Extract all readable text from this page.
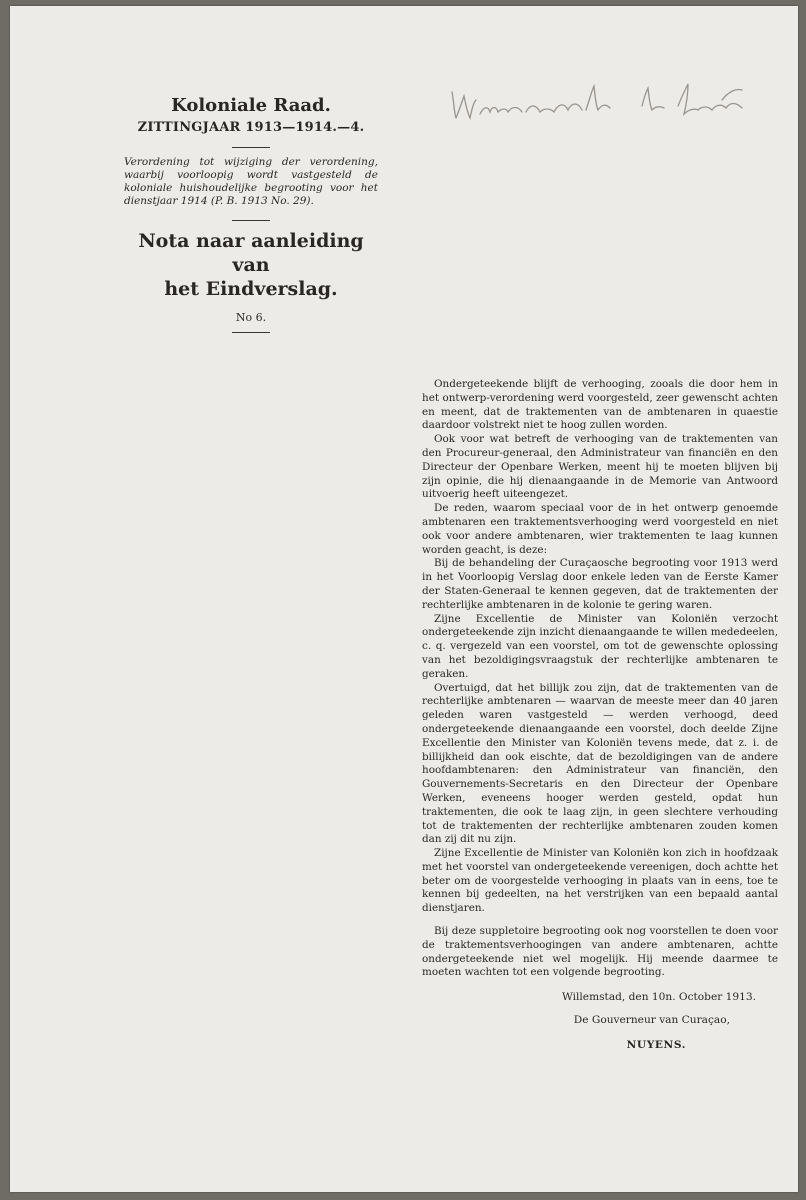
Koloniale Raad.

ZITTINGJAAR 1913—1914.—4.

Verordening tot wijziging der verordening, waarbij voorloopig wordt vastgesteld de koloniale huishoudelijke begrooting voor het dienstjaar 1914 (P. B. 1913 No. 29).

Nota naar aanleiding van

het Eindverslag.

No 6.

Ondergeteekende blijft de verhooging, zooals die door hem in het ontwerp-verordening werd voorgesteld, zeer gewenscht achten en meent, dat de traktementen van de ambtenaren in quaestie daardoor volstrekt niet te hoog zullen worden.

Ook voor wat betreft de verhooging van de traktementen van den Procureur-generaal, den Administrateur van financiën en den Directeur der Openbare Werken, meent hij te moeten blijven bij zijn opinie, die hij dienaangaande in de Memorie van Antwoord uitvoerig heeft uiteengezet.

De reden, waarom speciaal voor de in het ontwerp genoemde ambtenaren een traktementsverhooging werd voorgesteld en niet ook voor andere ambtenaren, wier traktementen te laag kunnen worden geacht, is deze:

Bij de behandeling der Curaçaosche begrooting voor 1913 werd in het Voorloopig Verslag door enkele leden van de Eerste Kamer der Staten-Generaal te kennen gegeven, dat de traktementen der rechterlijke ambtenaren in de kolonie te gering waren.

Zijne Excellentie de Minister van Koloniën verzocht ondergeteekende zijn inzicht dienaangaande te willen mededeelen, c. q. vergezeld van een voorstel, om tot de gewenschte oplossing van het bezoldigingsvraagstuk der rechterlijke ambtenaren te geraken.

Overtuigd, dat het billijk zou zijn, dat de traktementen van de rechterlijke ambtenaren — waarvan de meeste meer dan 40 jaren geleden waren vastgesteld — werden verhoogd, deed ondergeteekende dienaangaande een voorstel, doch deelde Zijne Excellentie den Minister van Koloniën tevens mede, dat z. i. de billijkheid dan ook eischte, dat de bezoldigingen van de andere hoofdambtenaren: den Administrateur van financiën, den Gouvernements-Secretaris en den Directeur der Openbare Werken, eveneens hooger werden gesteld, opdat hun traktementen, die ook te laag zijn, in geen slechtere verhouding tot de traktementen der rechterlijke ambtenaren zouden komen dan zij dit nu zijn.

Zijne Excellentie de Minister van Koloniën kon zich in hoofdzaak met het voorstel van ondergeteekende vereenigen, doch achtte het beter om de voorgestelde verhooging in plaats van in eens, toe te kennen bij gedeelten, na het verstrijken van een bepaald aantal dienstjaren.

Bij deze suppletoire begrooting ook nog voorstellen te doen voor de traktementsverhoogingen van andere ambtenaren, achtte ondergeteekende niet wel mogelijk. Hij meende daarmee te moeten wachten tot een volgende begrooting.

Willemstad, den 10n. October 1913.
De Gouverneur van Curaçao,
NUYENS.
